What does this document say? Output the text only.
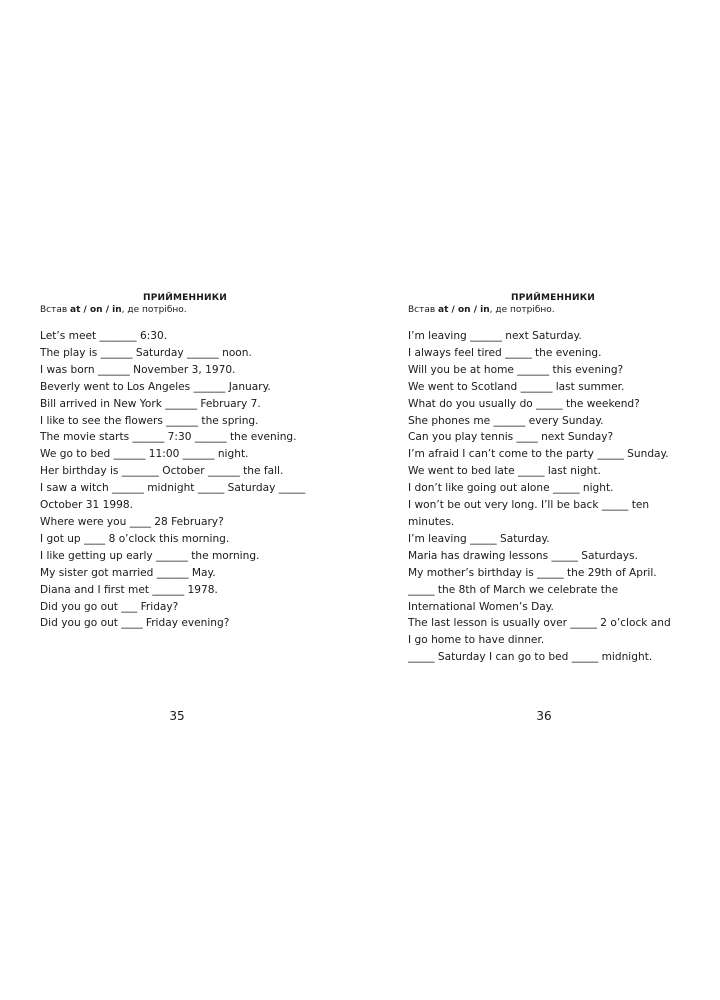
ПРИЙМЕННИКИ
Встав at / on / in, де потрібно.
Let’s meet _______ 6:30.
The play is ______ Saturday ______ noon.
I was born ______ November 3, 1970.
Beverly went to Los Angeles ______ January.
Bill arrived in New York ______ February 7.
I like to see the flowers ______ the spring.
The movie starts ______ 7:30 ______ the evening.
We go to bed ______ 11:00 ______ night.
Her birthday is _______ October ______ the fall.
I saw a witch ______ midnight _____ Saturday _____
October 31 1998.
Where were you ____ 28 February?
I got up ____ 8 o’clock this morning.
I like getting up early ______ the morning.
My sister got married ______ May.
Diana and I first met ______ 1978.
Did you go out ___ Friday?
Did you go out ____ Friday evening?
ПРИЙМЕННИКИ
Встав at / on / in, де потрібно.
I’m leaving ______ next Saturday.
I always feel tired _____ the evening.
Will you be at home ______ this evening?
We went to Scotland ______ last summer.
What do you usually do _____ the weekend?
She phones me ______ every Sunday.
Can you play tennis ____ next Sunday?
I’m afraid I can’t come to the party _____ Sunday.
We went to bed late _____ last night.
I don’t like going out alone _____ night.
I won’t be out very long. I’ll be back _____ ten
minutes.
I’m leaving _____ Saturday.
Maria has drawing lessons _____ Saturdays.
My mother’s birthday is _____ the 29th of April.
_____ the 8th of March we celebrate the
International Women’s Day.
The last lesson is usually over _____ 2 o’clock and
I go home to have dinner.
_____ Saturday I can go to bed _____ midnight.
35	36
